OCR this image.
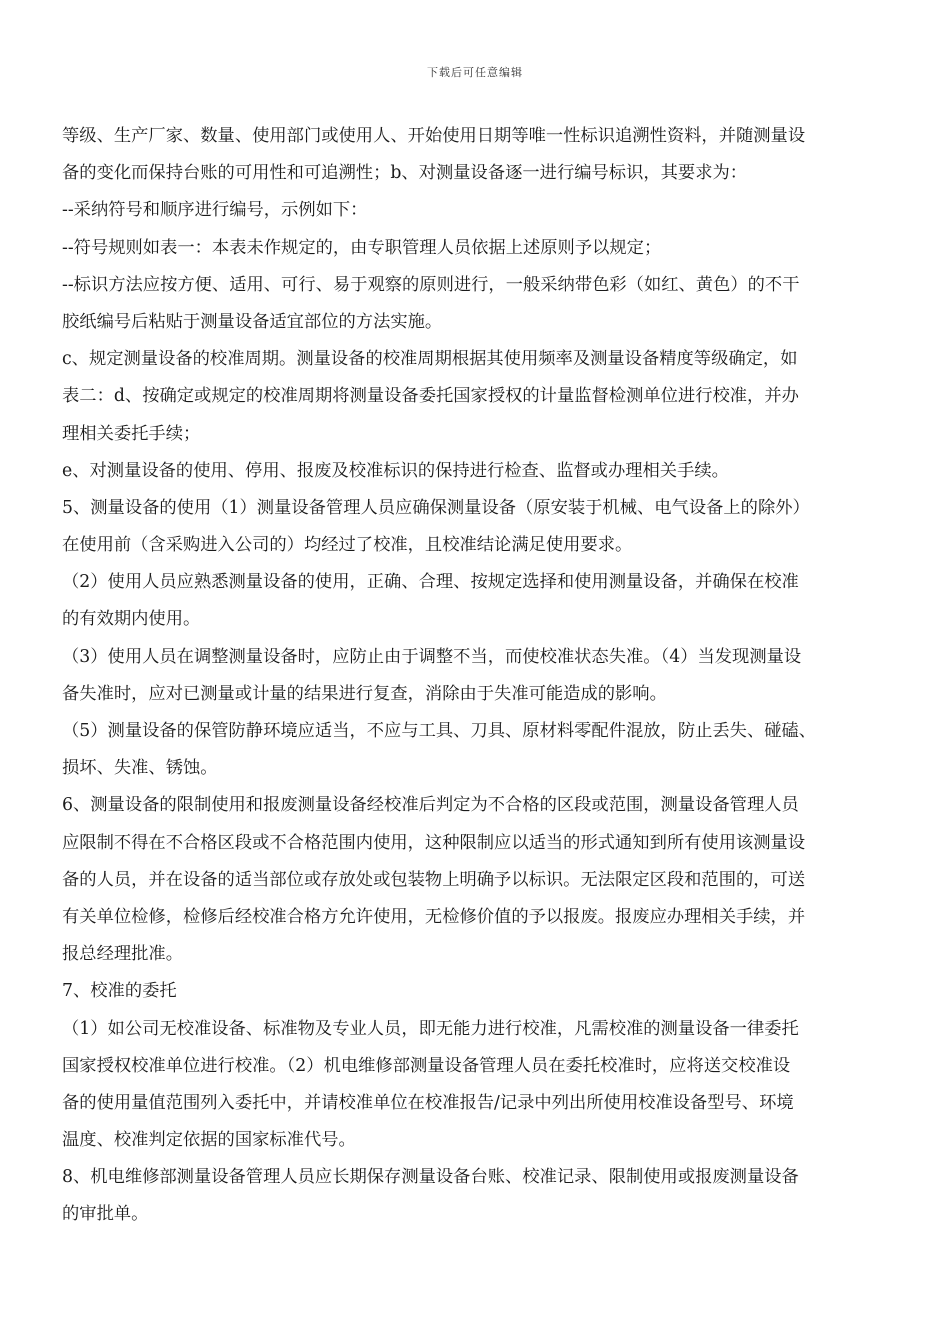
下载后可任意编辑
等级、生产厂家、数量、使用部门或使用人、开始使用日期等唯一性标识追溯性资料，并随测量设
备的变化而保持台账的可用性和可追溯性；b、对测量设备逐一进行编号标识，其要求为：
--采纳符号和顺序进行编号，示例如下：
--符号规则如表一：本表未作规定的，由专职管理人员依据上述原则予以规定；
--标识方法应按方便、适用、可行、易于观察的原则进行，一般采纳带色彩（如红、黄色）的不干
胶纸编号后粘贴于测量设备适宜部位的方法实施。
c、规定测量设备的校准周期。测量设备的校准周期根据其使用频率及测量设备精度等级确定，如
表二：d、按确定或规定的校准周期将测量设备委托国家授权的计量监督检测单位进行校准，并办
理相关委托手续；
e、对测量设备的使用、停用、报废及校准标识的保持进行检查、监督或办理相关手续。
5、测量设备的使用（1）测量设备管理人员应确保测量设备（原安装于机械、电气设备上的除外）
在使用前（含采购进入公司的）均经过了校准，且校准结论满足使用要求。
（2）使用人员应熟悉测量设备的使用，正确、合理、按规定选择和使用测量设备，并确保在校准
的有效期内使用。
（3）使用人员在调整测量设备时，应防止由于调整不当，而使校准状态失准。（4）当发现测量设
备失准时，应对已测量或计量的结果进行复查，消除由于失准可能造成的影响。
（5）测量设备的保管防静环境应适当，不应与工具、刀具、原材料零配件混放，防止丢失、碰磕、
损坏、失准、锈蚀。
6、测量设备的限制使用和报废测量设备经校准后判定为不合格的区段或范围，测量设备管理人员
应限制不得在不合格区段或不合格范围内使用，这种限制应以适当的形式通知到所有使用该测量设
备的人员，并在设备的适当部位或存放处或包装物上明确予以标识。无法限定区段和范围的，可送
有关单位检修，检修后经校准合格方允许使用，无检修价值的予以报废。报废应办理相关手续，并
报总经理批准。
7、校准的委托
（1）如公司无校准设备、标准物及专业人员，即无能力进行校准，凡需校准的测量设备一律委托
国家授权校准单位进行校准。（2）机电维修部测量设备管理人员在委托校准时，应将送交校准设
备的使用量值范围列入委托中，并请校准单位在校准报告/记录中列出所使用校准设备型号、环境
温度、校准判定依据的国家标准代号。
8、机电维修部测量设备管理人员应长期保存测量设备台账、校准记录、限制使用或报废测量设备
的审批单。
